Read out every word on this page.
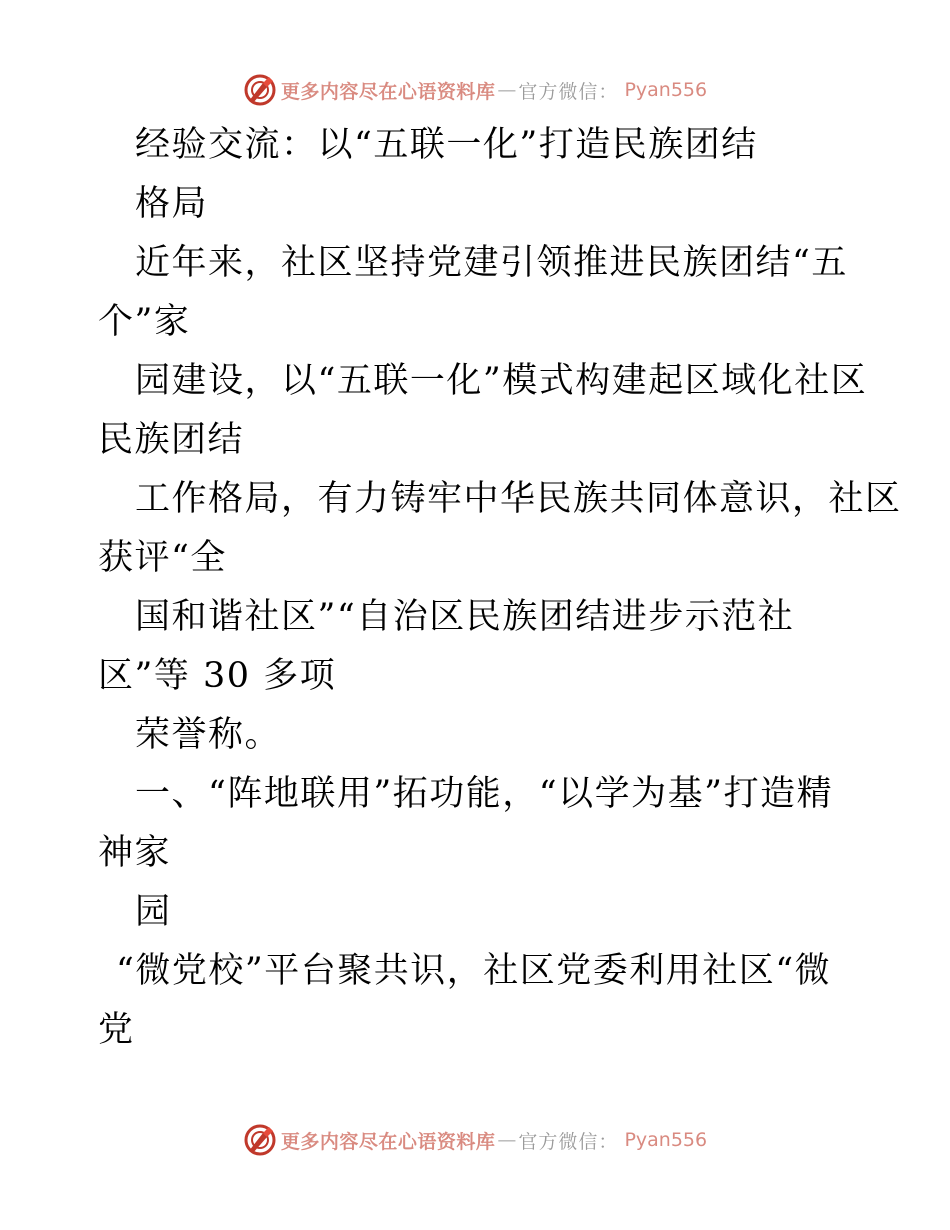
更多内容尽在心语资料库 — 官方微信： Pyan556
经验交流：以“五联一化”打造民族团结
格局
近年来，社区坚持党建引领推进民族团结“五
个”家
园建设，以“五联一化”模式构建起区域化社区
民族团结
工作格局，有力铸牢中华民族共同体意识，社区
获评“全
国和谐社区”“自治区民族团结进步示范社
区”等 30 多项
荣誉称。
一、“阵地联用”拓功能，“以学为基”打造精
神家
园
“微党校”平台聚共识，社区党委利用社区“微
党
更多内容尽在心语资料库 — 官方微信： Pyan556
